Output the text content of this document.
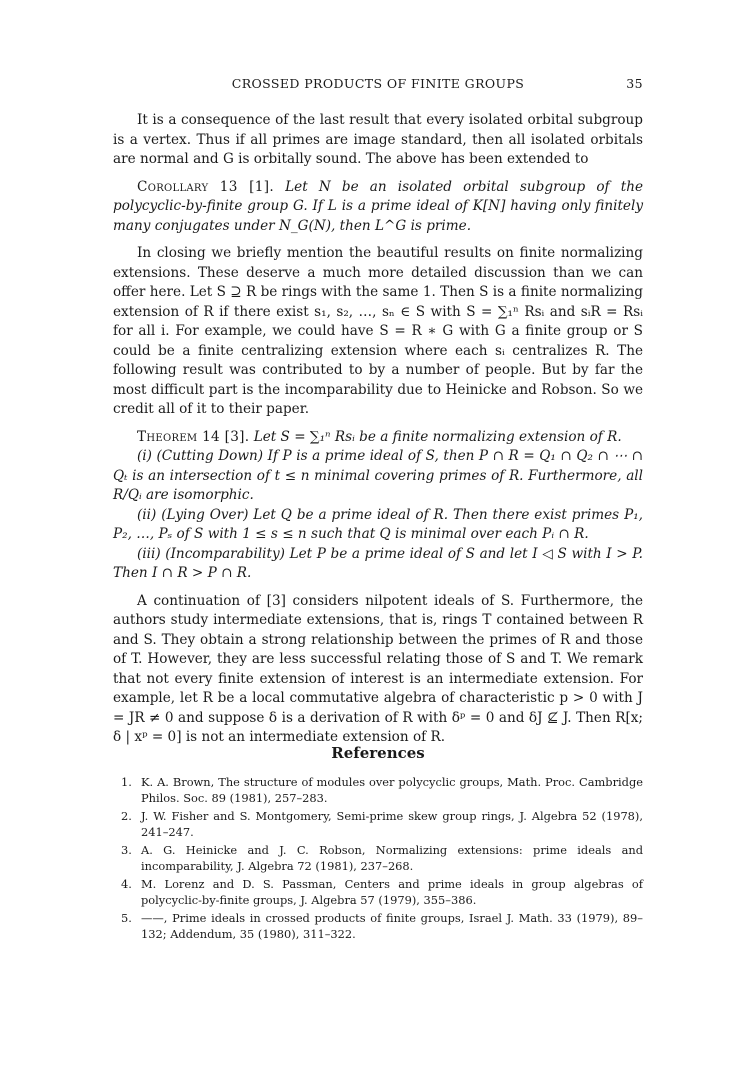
CROSSED PRODUCTS OF FINITE GROUPS	35

It is a consequence of the last result that every isolated orbital subgroup is a vertex. Thus if all primes are image standard, then all isolated orbitals are normal and G is orbitally sound. The above has been extended to

Corollary 13 [1]. Let N be an isolated orbital subgroup of the polycyclic-by-finite group G. If L is a prime ideal of K[N] having only finitely many conjugates under N_G(N), then L^G is prime.

In closing we briefly mention the beautiful results on finite normalizing extensions. These deserve a much more detailed discussion than we can offer here. Let S ⊇ R be rings with the same 1. Then S is a finite normalizing extension of R if there exist s₁, s₂, …, sₙ ∈ S with S = ∑₁ⁿ Rsᵢ and sᵢR = Rsᵢ for all i. For example, we could have S = R ∗ G with G a finite group or S could be a finite centralizing extension where each sᵢ centralizes R. The following result was contributed to by a number of people. But by far the most difficult part is the incomparability due to Heinicke and Robson. So we credit all of it to their paper.

Theorem 14 [3]. Let S = ∑₁ⁿ Rsᵢ be a finite normalizing extension of R.

(i) (Cutting Down) If P is a prime ideal of S, then P ∩ R = Q₁ ∩ Q₂ ∩ ⋯ ∩ Qₜ is an intersection of t ≤ n minimal covering primes of R. Furthermore, all R/Qᵢ are isomorphic.

(ii) (Lying Over) Let Q be a prime ideal of R. Then there exist primes P₁, P₂, …, Pₛ of S with 1 ≤ s ≤ n such that Q is minimal over each Pᵢ ∩ R.

(iii) (Incomparability) Let P be a prime ideal of S and let I ◁ S with I > P. Then I ∩ R > P ∩ R.

A continuation of [3] considers nilpotent ideals of S. Furthermore, the authors study intermediate extensions, that is, rings T contained between R and S. They obtain a strong relationship between the primes of R and those of T. However, they are less successful relating those of S and T. We remark that not every finite extension of interest is an intermediate extension. For example, let R be a local commutative algebra of characteristic p > 0 with J = JR ≠ 0 and suppose δ is a derivation of R with δᵖ = 0 and δJ ⊈ J. Then R[x; δ | xᵖ = 0] is not an intermediate extension of R.

References
1. K. A. Brown, The structure of modules over polycyclic groups, Math. Proc. Cambridge Philos. Soc. 89 (1981), 257–283.
2. J. W. Fisher and S. Montgomery, Semi-prime skew group rings, J. Algebra 52 (1978), 241–247.
3. A. G. Heinicke and J. C. Robson, Normalizing extensions: prime ideals and incomparability, J. Algebra 72 (1981), 237–268.
4. M. Lorenz and D. S. Passman, Centers and prime ideals in group algebras of polycyclic-by-finite groups, J. Algebra 57 (1979), 355–386.
5. ——, Prime ideals in crossed products of finite groups, Israel J. Math. 33 (1979), 89–132; Addendum, 35 (1980), 311–322.
